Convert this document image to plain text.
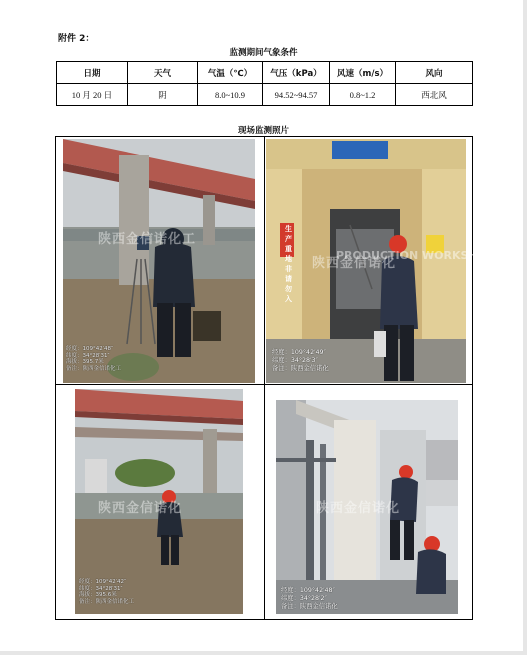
附件 2：
监测期间气象条件
日期	天气	气温（℃）	气压（kPa）	风速（m/s）	风向
10 月 20 日	阴	8.0~10.9	94.52~94.57	0.8~1.2	西北风
现场监测照片
经度：109°42′48″
纬度：34°28′31″
海拔：395.7米
备注：陕西金信诺化工
陕西金信诺化工
PRODUCTION WORKSHOP
生产重地 非请勿入
经度：109°42′49″
纬度：34°28′3″
备注：陕西金信诺化
陕西金信诺化
经度：109°42′42″
纬度：34°28′31″
海拔：395.6米
备注：陕西金信诺化工
陕西金信诺化
经度：109°42′48″
纬度：34°28′2″
备注：陕西金信诺化
陕西金信诺化
